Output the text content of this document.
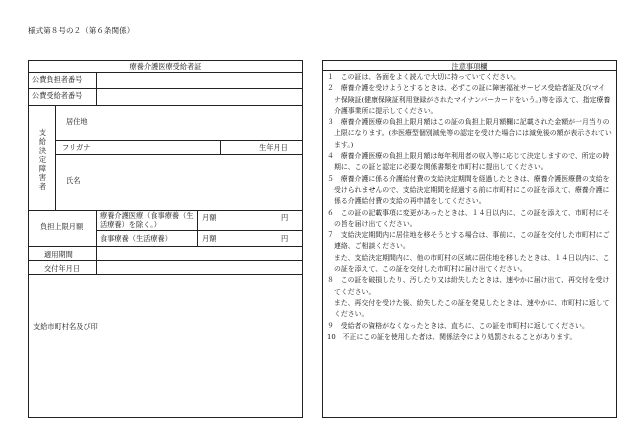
様式第８号の２（第６条関係）
療養介護医療受給者証
公費負担者番号
公費受給者番号
支給決定障害者
居住地
フリガナ	生年月日
氏名
負担上限月額
療養介護医療（食事療養（生活療養）を除く。）
月額	円
食事療養（生活療養）	月額	円
適用期間
交付年月日
支給市町村名及び印
注意事項欄

１　この証は、各面をよく読んで大切に持っていてください。

２　療養介護を受けようとするときは、必ずこの証に障害福祉サービス受給者証及び(マイナ保険証(健康保険証利用登録がされたマイナンバーカードをいう。)等を添えて、指定療養介護事業所に提示してください。

３　療養介護医療の負担上限月額はこの証の負担上限月額欄に記載された金額が一月当りの上限になります。(歩医療型個別減免等の認定を受けた場合には減免後の額が表示されています。)

４　療養介護医療の負担上限月額は毎年利用者の収入等に応じて決定しますので、所定の時期に、この証と認定に必要な関係書類を市町村に提出してください。

５　療養介護に係る介護給付費の支給決定期間を経過したときは、療養介護医療費の支給を受けられませんので、支給決定期間を経過する前に市町村にこの証を添えて、療養介護に係る介護給付費の支給の再申請をしてください。

６　この証の記載事項に変更があったときは、１４日以内に、この証を添えて、市町村にその旨を届け出てください。

７　支給決定期間内に居住地を移そうとする場合は、事前に、この証を交付した市町村にご連絡、ご相談ください。

　また、支給決定期間内に、他の市町村の区域に居住地を移したときは、１４日以内に、この証を添えて、この証を交付した市町村に届け出てください。

８　この証を破損したり、汚したり又は紛失したときは、速やかに届け出て、再交付を受けてください。

　また、再交付を受けた後、紛失したこの証を発見したときは、速やかに、市町村に返してください。

９　受給者の資格がなくなったときは、直ちに、この証を市町村に返してください。

10　不正にこの証を使用した者は、関係法令により処罰されることがあります。
